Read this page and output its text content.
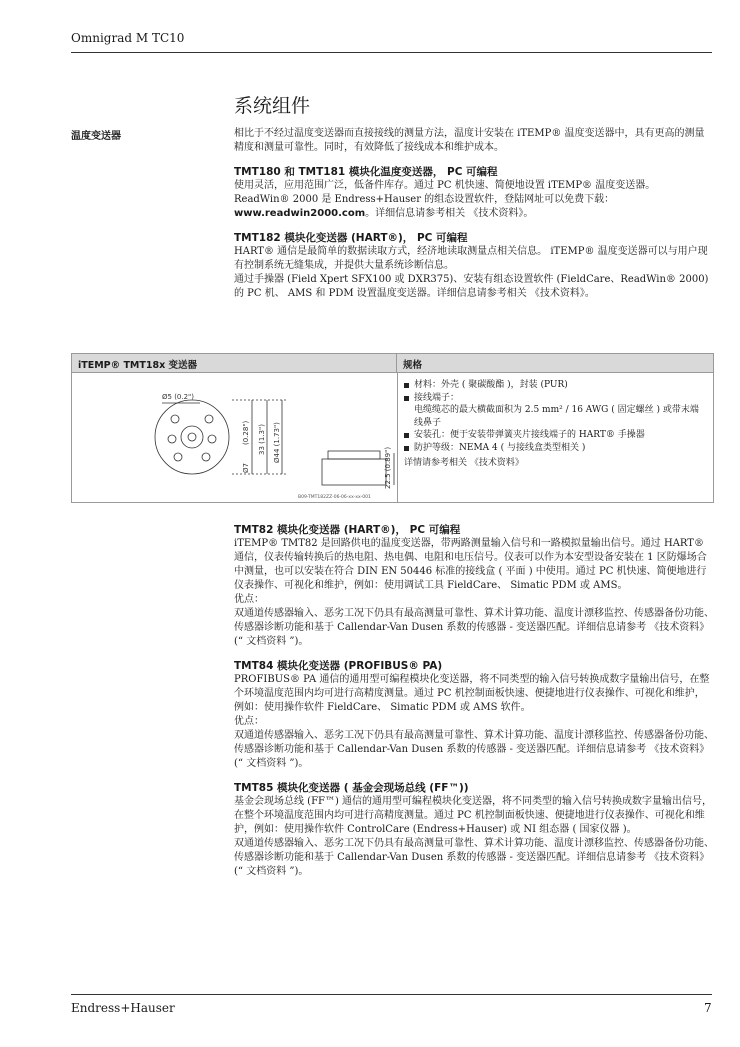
Omnigrad M TC10
系统组件
温度变送器	相比于不经过温度变送器而直接接线的测量方法，温度计安装在 iTEMP® 温度变送器中，具有更高的测量精度和测量可靠性。同时，有效降低了接线成本和维护成本。

TMT180 和 TMT181 模块化温度变送器， PC 可编程

使用灵活，应用范围广泛，低备件库存。通过 PC 机快速、简便地设置 iTEMP® 温度变送器。

ReadWin® 2000 是 Endress+Hauser 的组态设置软件，登陆网址可以免费下载：

www.readwin2000.com。详细信息请参考相关 《技术资料》。

TMT182 模块化变送器 (HART®)， PC 可编程

HART® 通信是最简单的数据读取方式，经济地读取测量点相关信息。 iTEMP® 温度变送器可以与用户现有控制系统无缝集成，并提供大量系统诊断信息。

通过手操器 (Field Xpert SFX100 或 DXR375)、安装有组态设置软件 (FieldCare、ReadWin® 2000) 的 PC 机、 AMS 和 PDM 设置温度变送器。详细信息请参考相关 《技术资料》。

iTEMP® TMT18x 变送器	规格
Ø5 (0.2")
(0.28")
Ø7
33 (1.3") Ø44 (1.73")
22.5 (0.89")
B09-TMT182ZZ-06-06-xx-xx-001
材料：外壳 ( 聚碳酸酯 )，封装 (PUR)
接线端子：
电缆缆芯的最大横截面积为 2.5 mm² / 16 AWG ( 固定螺丝 ) 或带末端线鼻子
安装孔：便于安装带弹簧夹片接线端子的 HART® 手操器
防护等级：NEMA 4 ( 与接线盒类型相关 )

详情请参考相关 《技术资料》

TMT82 模块化变送器 (HART®)， PC 可编程

iTEMP® TMT82 是回路供电的温度变送器，带两路测量输入信号和一路模拟量输出信号。通过 HART® 通信，仪表传输转换后的热电阻、热电偶、电阻和电压信号。仪表可以作为本安型设备安装在 1 区防爆场合中测量，也可以安装在符合 DIN EN 50446 标准的接线盒 ( 平面 ) 中使用。通过 PC 机快速、简便地进行仪表操作、可视化和维护，例如：使用调试工具 FieldCare、 Simatic PDM 或 AMS。

优点：

双通道传感器输入、恶劣工况下仍具有最高测量可靠性、算术计算功能、温度计漂移监控、传感器备份功能、传感器诊断功能和基于 Callendar-Van Dusen 系数的传感器 - 变送器匹配。详细信息请参考 《技术资料》(“ 文档资料 ”)。

TMT84 模块化变送器 (PROFIBUS® PA)

PROFIBUS® PA 通信的通用型可编程模块化变送器，将不同类型的输入信号转换成数字量输出信号，在整个环境温度范围内均可进行高精度测量。通过 PC 机控制面板快速、便捷地进行仪表操作、可视化和维护，例如：使用操作软件 FieldCare、 Simatic PDM 或 AMS 软件。

优点：

双通道传感器输入、恶劣工况下仍具有最高测量可靠性、算术计算功能、温度计漂移监控、传感器备份功能、传感器诊断功能和基于 Callendar-Van Dusen 系数的传感器 - 变送器匹配。详细信息请参考 《技术资料》(“ 文档资料 ”)。

TMT85 模块化变送器 ( 基金会现场总线 (FF™))

基金会现场总线 (FF™) 通信的通用型可编程模块化变送器，将不同类型的输入信号转换成数字量输出信号，在整个环境温度范围内均可进行高精度测量。通过 PC 机控制面板快速、便捷地进行仪表操作、可视化和维护，例如：使用操作软件 ControlCare (Endress+Hauser) 或 NI 组态器 ( 国家仪器 )。

双通道传感器输入、恶劣工况下仍具有最高测量可靠性、算术计算功能、温度计漂移监控、传感器备份功能、传感器诊断功能和基于 Callendar-Van Dusen 系数的传感器 - 变送器匹配。详细信息请参考 《技术资料》(“ 文档资料 ”)。

Endress+Hauser	7
